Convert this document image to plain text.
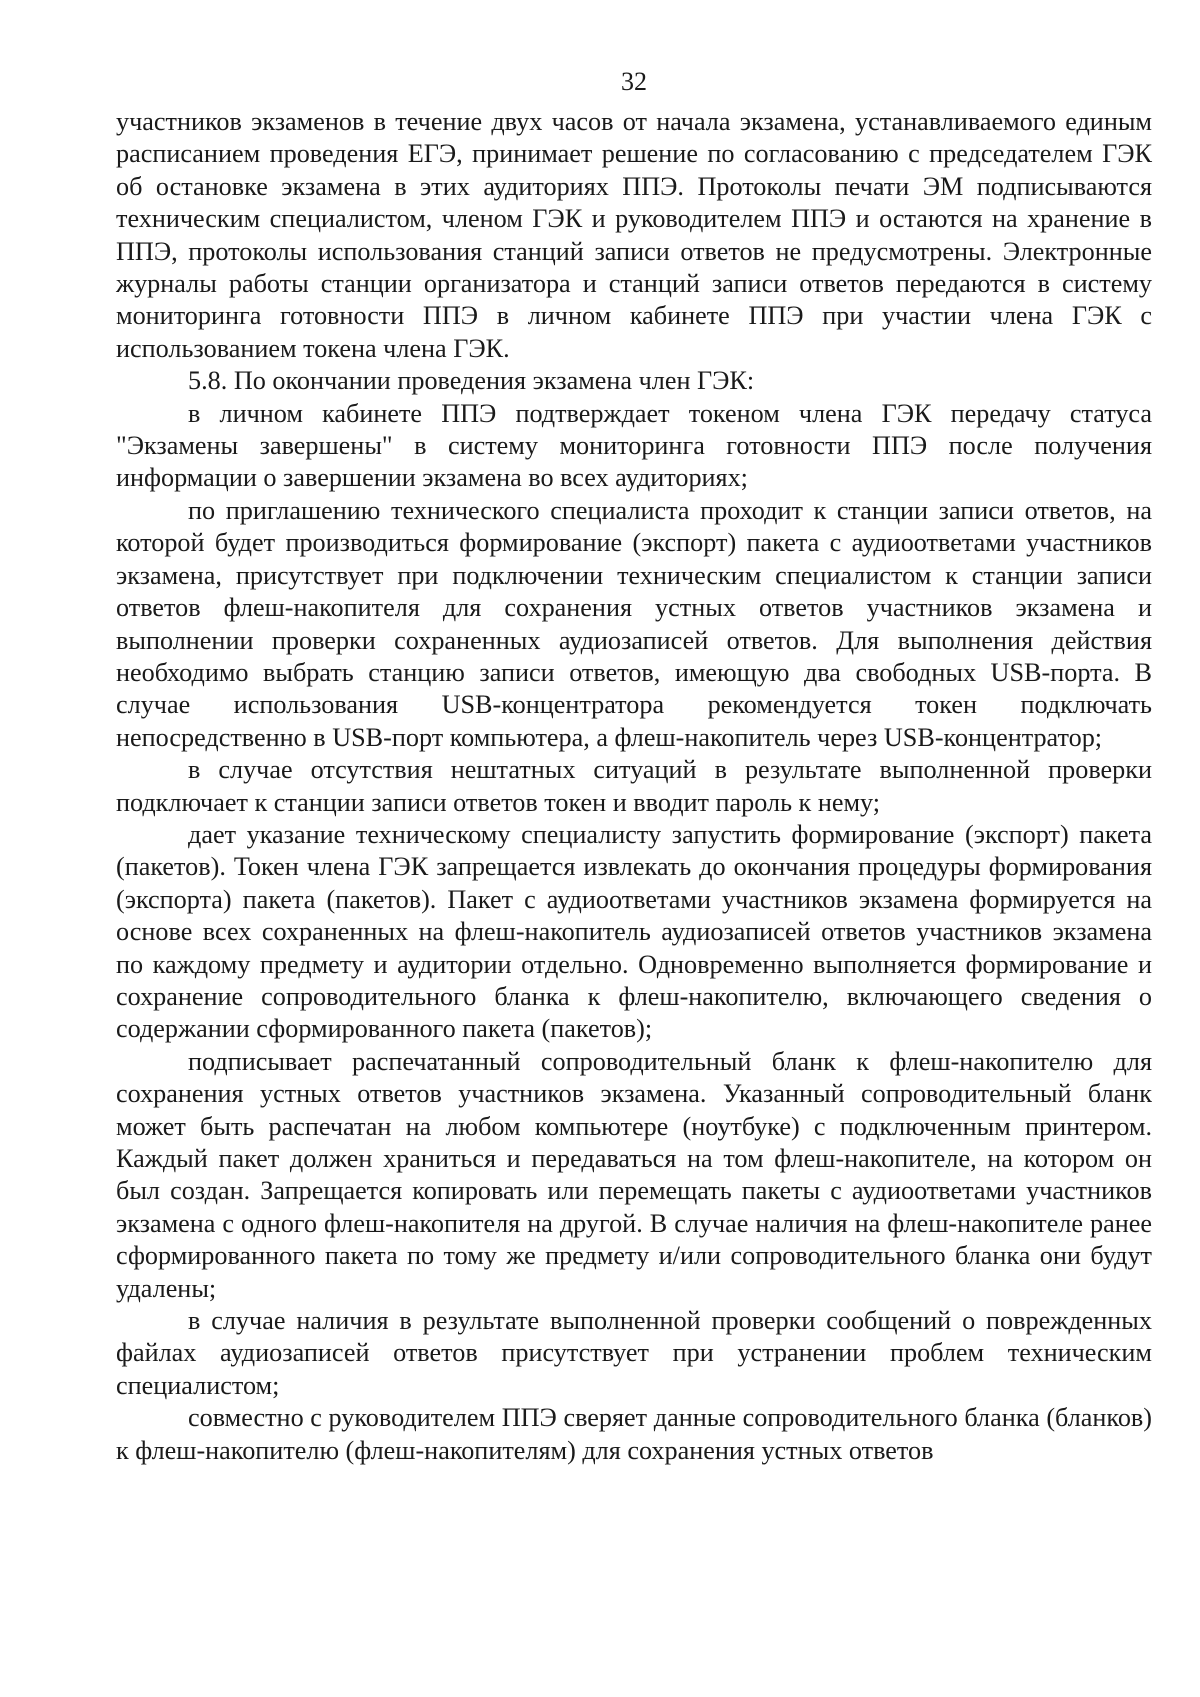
32

участников экзаменов в течение двух часов от начала экзамена, устанавливаемого единым расписанием проведения ЕГЭ, принимает решение по согласованию с председателем ГЭК об остановке экзамена в этих аудиториях ППЭ. Протоколы печати ЭМ подписываются техническим специалистом, членом ГЭК и руководителем ППЭ и остаются на хранение в ППЭ, протоколы использования станций записи ответов не предусмотрены. Электронные журналы работы станции организатора и станций записи ответов передаются в систему мониторинга готовности ППЭ в личном кабинете ППЭ при участии члена ГЭК с использованием токена члена ГЭК.

5.8. По окончании проведения экзамена член ГЭК:

в личном кабинете ППЭ подтверждает токеном члена ГЭК передачу статуса "Экзамены завершены" в систему мониторинга готовности ППЭ после получения информации о завершении экзамена во всех аудиториях;

по приглашению технического специалиста проходит к станции записи ответов, на которой будет производиться формирование (экспорт) пакета с аудиоответами участников экзамена, присутствует при подключении техническим специалистом к станции записи ответов флеш-накопителя для сохранения устных ответов участников экзамена и выполнении проверки сохраненных аудиозаписей ответов. Для выполнения действия необходимо выбрать станцию записи ответов, имеющую два свободных USB-порта. В случае использования USB-концентратора рекомендуется токен подключать непосредственно в USB-порт компьютера, а флеш-накопитель через USB-концентратор;

в случае отсутствия нештатных ситуаций в результате выполненной проверки подключает к станции записи ответов токен и вводит пароль к нему;

дает указание техническому специалисту запустить формирование (экспорт) пакета (пакетов). Токен члена ГЭК запрещается извлекать до окончания процедуры формирования (экспорта) пакета (пакетов). Пакет с аудиоответами участников экзамена формируется на основе всех сохраненных на флеш-накопитель аудиозаписей ответов участников экзамена по каждому предмету и аудитории отдельно. Одновременно выполняется формирование и сохранение сопроводительного бланка к флеш-накопителю, включающего сведения о содержании сформированного пакета (пакетов);

подписывает распечатанный сопроводительный бланк к флеш-накопителю для сохранения устных ответов участников экзамена. Указанный сопроводительный бланк может быть распечатан на любом компьютере (ноутбуке) с подключенным принтером. Каждый пакет должен храниться и передаваться на том флеш-накопителе, на котором он был создан. Запрещается копировать или перемещать пакеты с аудиоответами участников экзамена с одного флеш-накопителя на другой. В случае наличия на флеш-накопителе ранее сформированного пакета по тому же предмету и/или сопроводительного бланка они будут удалены;

в случае наличия в результате выполненной проверки сообщений о поврежденных файлах аудиозаписей ответов присутствует при устранении проблем техническим специалистом;

совместно с руководителем ППЭ сверяет данные сопроводительного бланка (бланков) к флеш-накопителю (флеш-накопителям) для сохранения устных ответов
